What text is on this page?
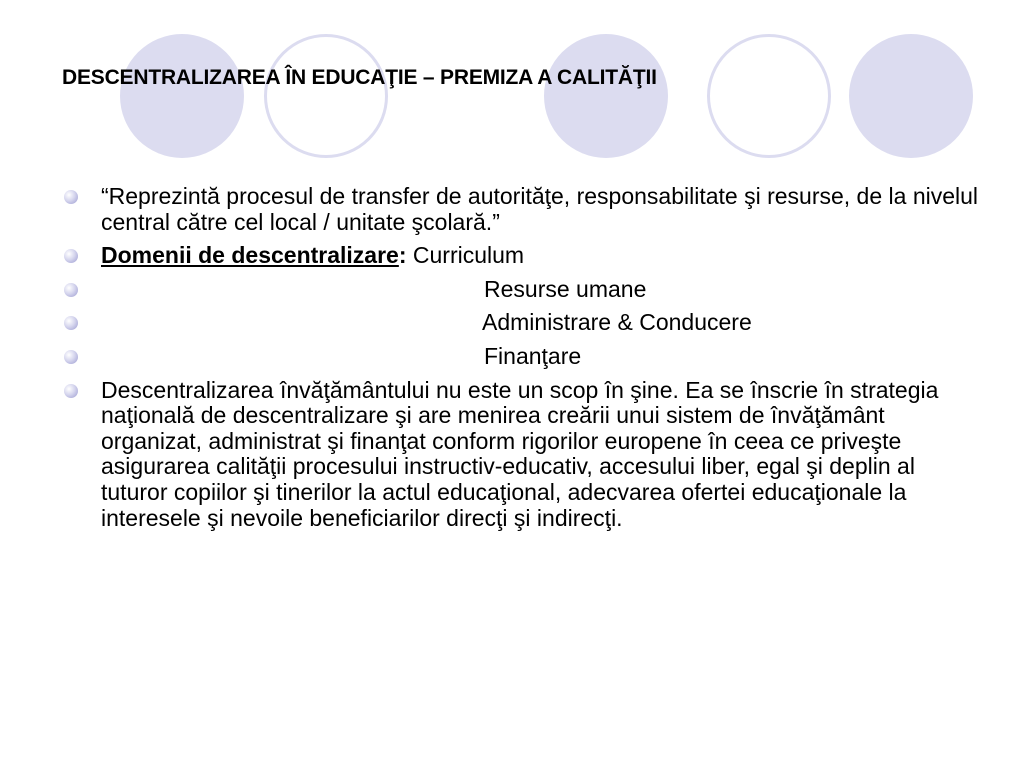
DESCENTRALIZAREA ÎN EDUCAŢIE – PREMIZA A CALITĂŢII
“Reprezintă procesul de transfer de autorităţe, responsabilitate şi resurse, de la nivelul central către cel local / unitate şcolară.”
Domenii de descentralizare: Curriculum
Resurse umane
Administrare & Conducere
Finanţare
Descentralizarea învăţământului nu este un scop în şine. Ea se înscrie în strategia naţională de descentralizare şi are menirea creării unui sistem de învăţământ organizat, administrat şi finanţat conform rigorilor europene în ceea ce priveşte asigurarea calităţii procesului instructiv-educativ, accesului liber, egal şi deplin al tuturor copiilor şi tinerilor la actul educaţional, adecvarea ofertei educaţionale la interesele şi nevoile beneficiarilor direcţi şi indirecţi.
